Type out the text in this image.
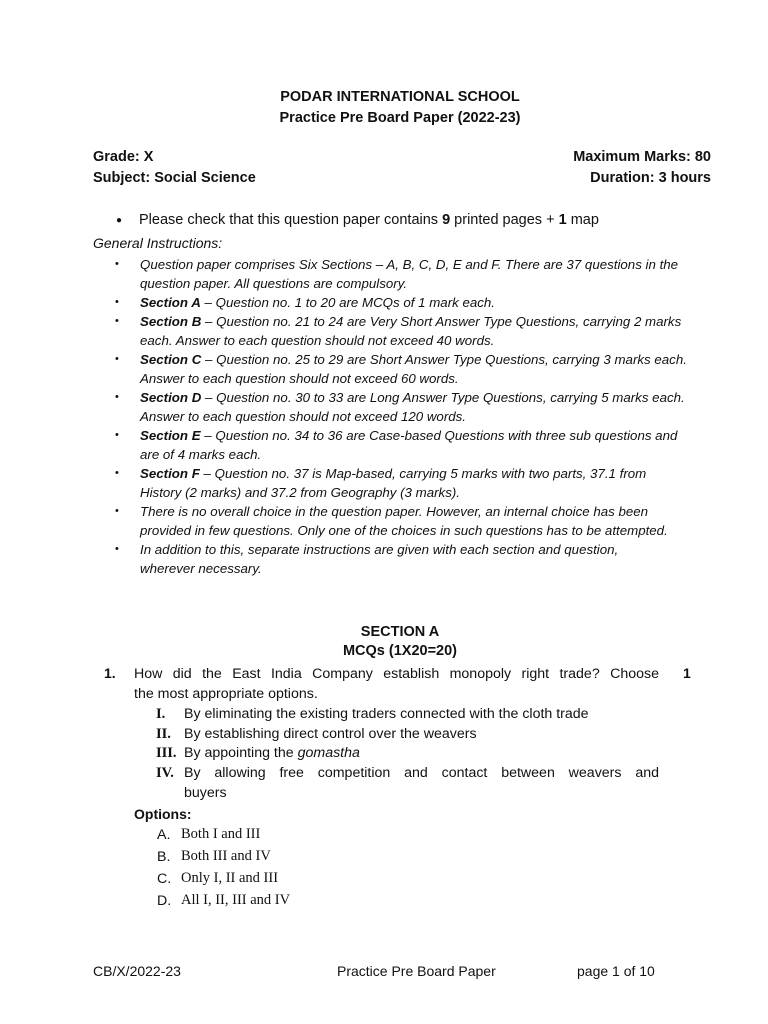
PODAR INTERNATIONAL SCHOOL
Practice Pre Board Paper (2022-23)
Grade: X
Subject: Social Science
Maximum Marks: 80
Duration: 3 hours
● Please check that this question paper contains 9 printed pages + 1 map
General Instructions:
• Question paper comprises Six Sections – A, B, C, D, E and F. There are 37 questions in the
question paper. All questions are compulsory.
• Section A – Question no. 1 to 20 are MCQs of 1 mark each.
• Section B – Question no. 21 to 24 are Very Short Answer Type Questions, carrying 2 marks
each. Answer to each question should not exceed 40 words.
• Section C – Question no. 25 to 29 are Short Answer Type Questions, carrying 3 marks each.
Answer to each question should not exceed 60 words.
• Section D – Question no. 30 to 33 are Long Answer Type Questions, carrying 5 marks each.
Answer to each question should not exceed 120 words.
• Section E – Question no. 34 to 36 are Case-based Questions with three sub questions and
are of 4 marks each.
• Section F – Question no. 37 is Map-based, carrying 5 marks with two parts, 37.1 from
History (2 marks) and 37.2 from Geography (3 marks).
• There is no overall choice in the question paper. However, an internal choice has been
provided in few questions. Only one of the choices in such questions has to be attempted.
• In addition to this, separate instructions are given with each section and question,
wherever necessary.
SECTION A
MCQs (1X20=20)
1. How did the East India Company establish monopoly right trade? Choose
the most appropriate options.
1
I. By eliminating the existing traders connected with the cloth trade
II. By establishing direct control over the weavers
III. By appointing the gomastha
IV. By allowing free competition and contact between weavers and
buyers
Options:
A. Both I and III
B. Both III and IV
C. Only I, II and III
D. All I, II, III and IV
CB/X/2022-23	Practice Pre Board Paper	page 1 of 10
